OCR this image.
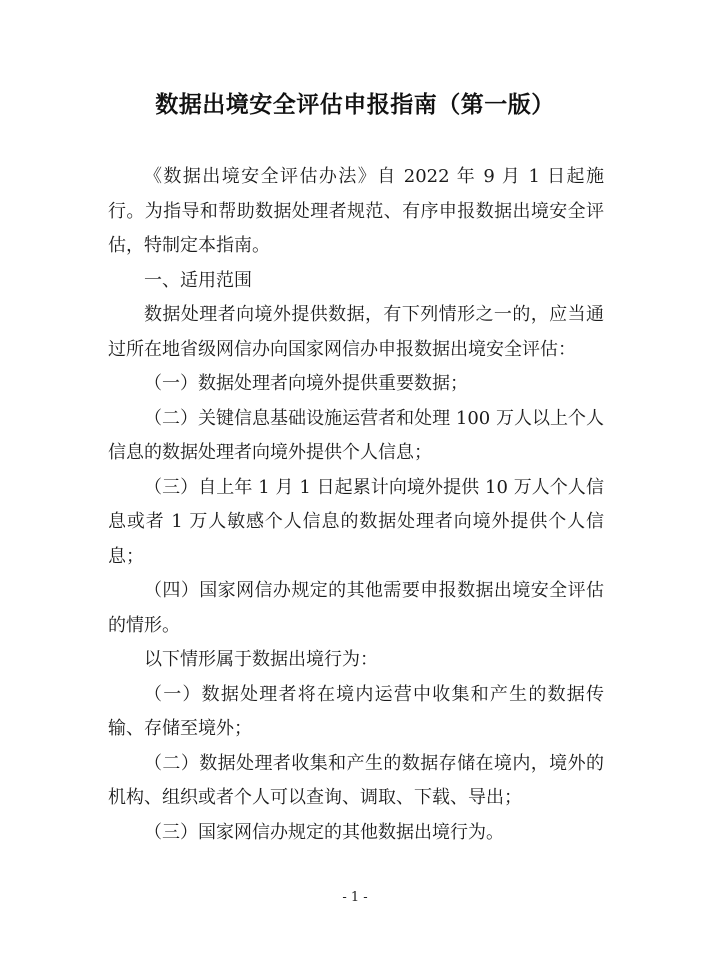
数据出境安全评估申报指南（第一版）

《数据出境安全评估办法》自 2022 年 9 月 1 日起施行。为指导和帮助数据处理者规范、有序申报数据出境安全评估，特制定本指南。

一、适用范围

数据处理者向境外提供数据，有下列情形之一的，应当通过所在地省级网信办向国家网信办申报数据出境安全评估：

（一）数据处理者向境外提供重要数据；

（二）关键信息基础设施运营者和处理 100 万人以上个人信息的数据处理者向境外提供个人信息；

（三）自上年 1 月 1 日起累计向境外提供 10 万人个人信息或者 1 万人敏感个人信息的数据处理者向境外提供个人信息；

（四）国家网信办规定的其他需要申报数据出境安全评估的情形。

以下情形属于数据出境行为：

（一）数据处理者将在境内运营中收集和产生的数据传输、存储至境外；

（二）数据处理者收集和产生的数据存储在境内，境外的机构、组织或者个人可以查询、调取、下载、导出；

（三）国家网信办规定的其他数据出境行为。

- 1 -
